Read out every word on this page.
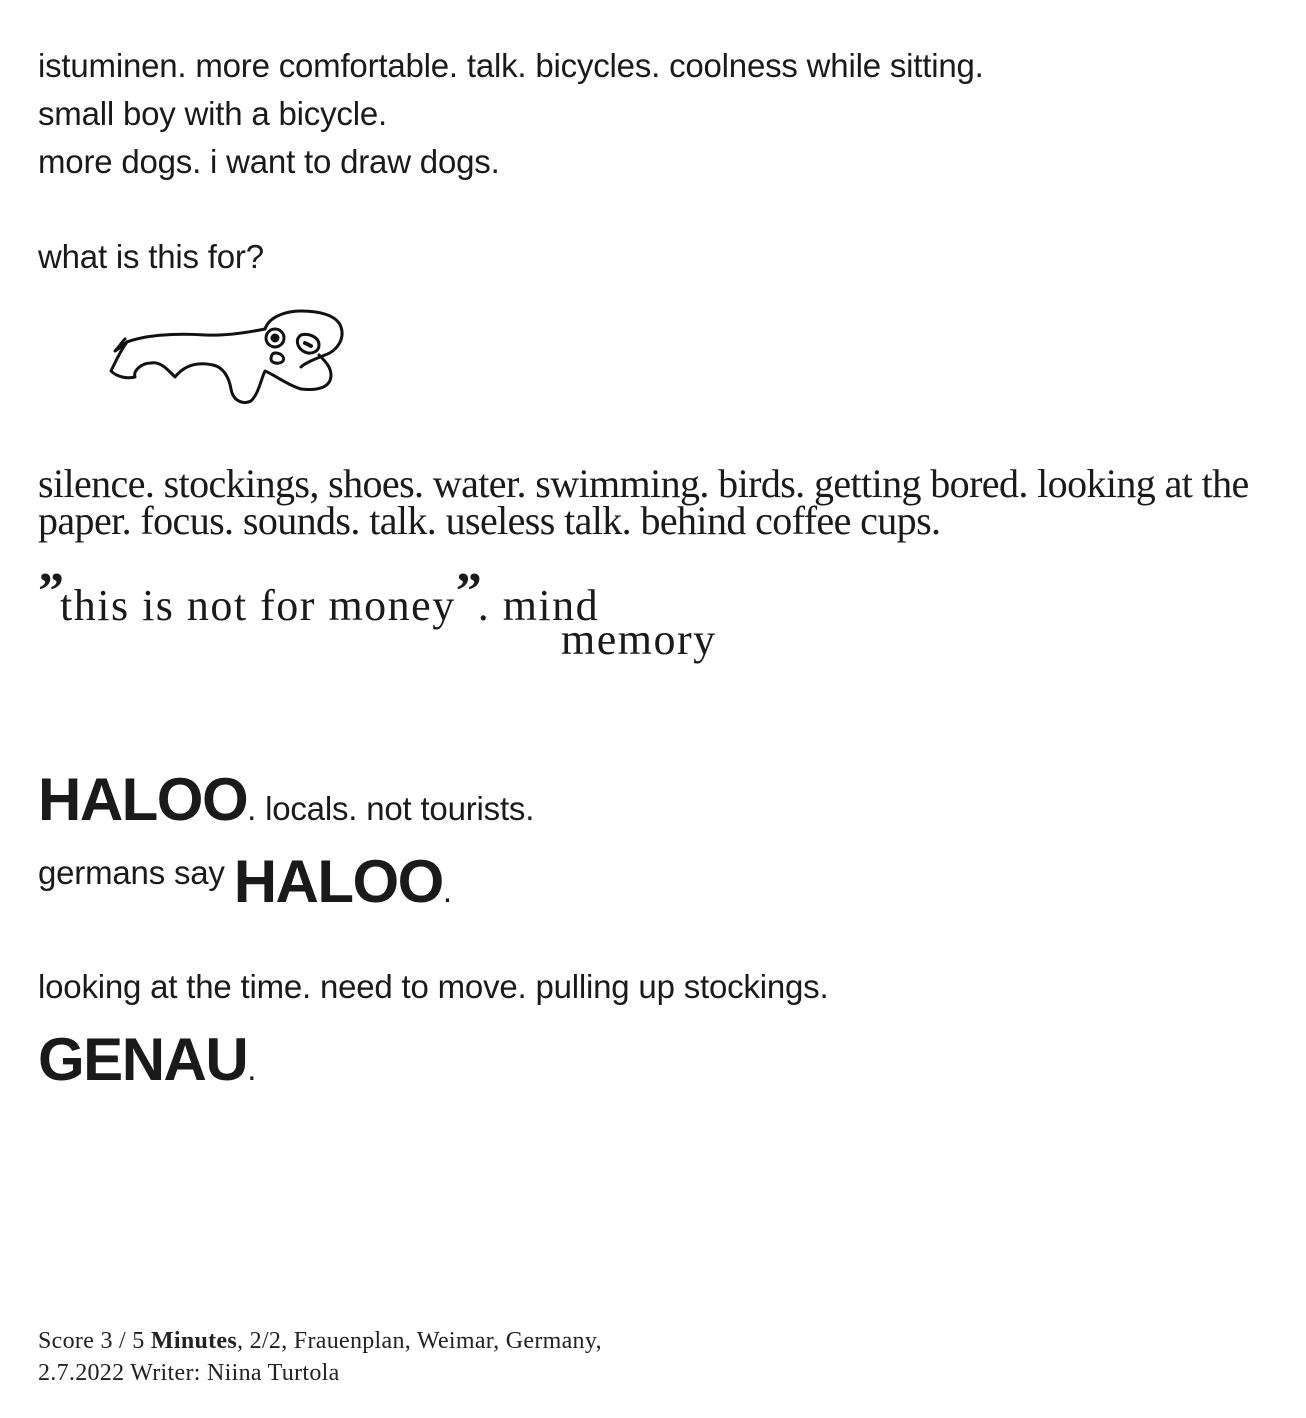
istuminen. more comfortable. talk. bicycles. coolness while sitting.
small boy with a bicycle.
more dogs. i want to draw dogs.
what is this for?
silence. stockings, shoes. water. swimming. birds. getting bored. looking at the paper. focus. sounds. talk. useless talk. behind coffee cups.
”this is not for money”. mind
memory
HALOO. locals. not tourists.
germans say HALOO.
looking at the time. need to move. pulling up stockings.
GENAU.
Score 3 / 5 Minutes, 2/2, Frauenplan, Weimar, Germany,
2.7.2022 Writer: Niina Turtola
